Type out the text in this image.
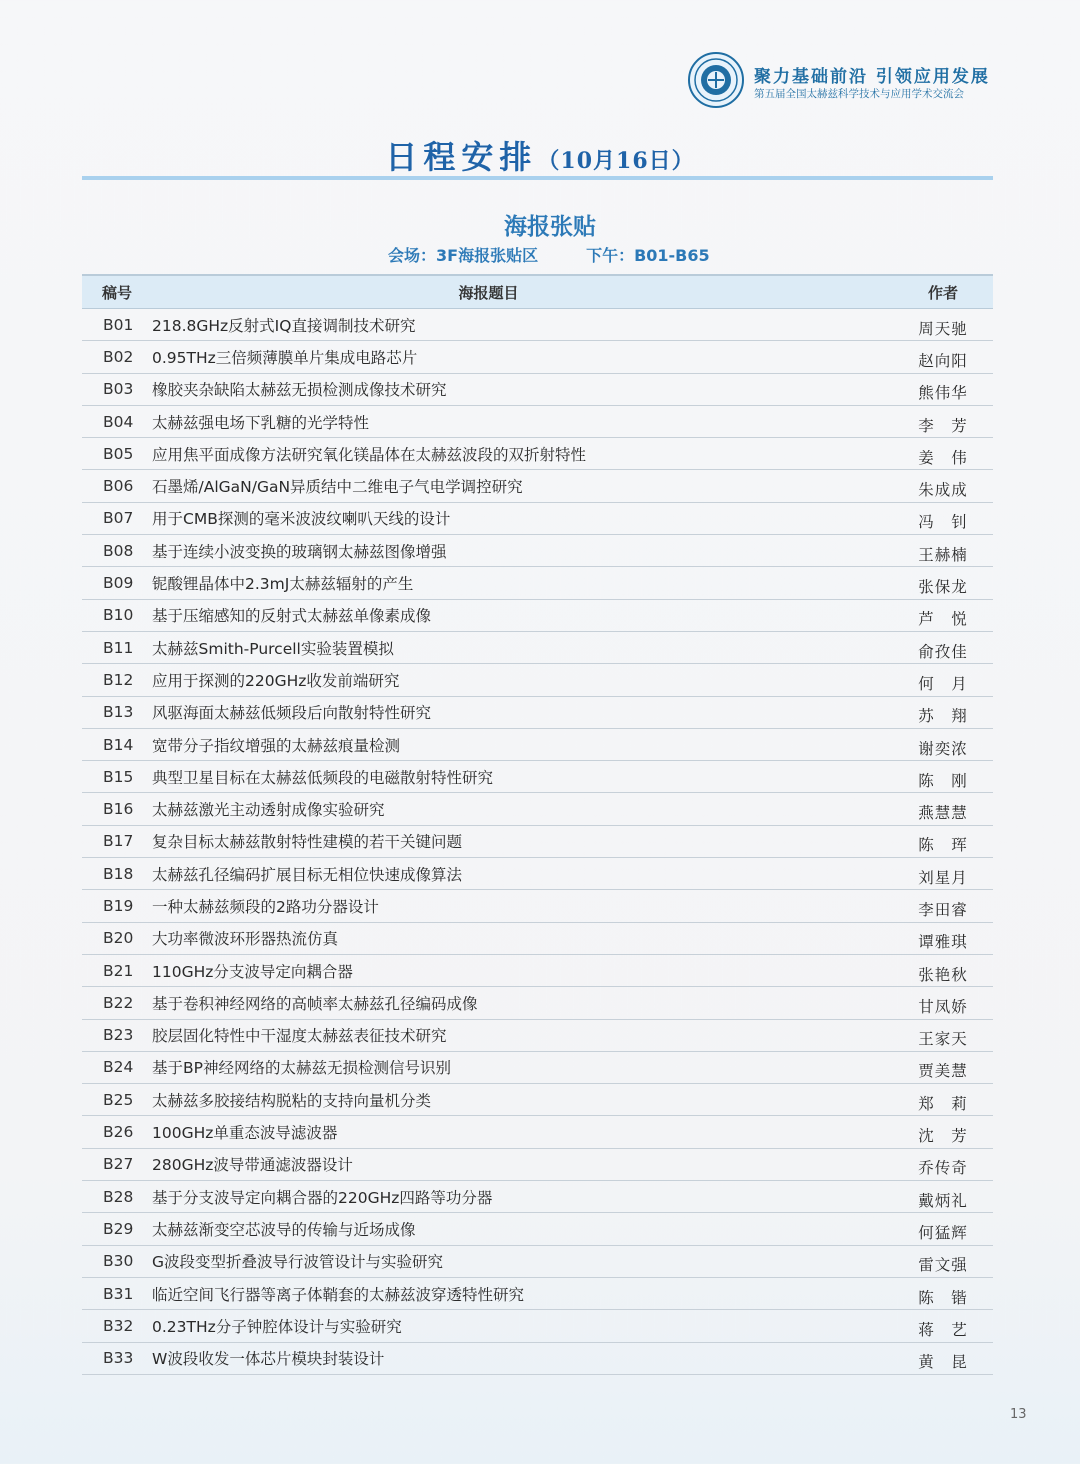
聚力基础前沿 引领应用发展
第五届全国太赫兹科学技术与应用学术交流会
日程安排（10月16日）
海报张贴
会场：3F海报张贴区	下午：B01-B65
稿号	海报题目	作者
B01	218.8GHz反射式IQ直接调制技术研究	周天驰
B02	0.95THz三倍频薄膜单片集成电路芯片	赵向阳
B03	橡胶夹杂缺陷太赫兹无损检测成像技术研究	熊伟华
B04	太赫兹强电场下乳糖的光学特性	李　芳
B05	应用焦平面成像方法研究氧化镁晶体在太赫兹波段的双折射特性	姜　伟
B06	石墨烯/AlGaN/GaN异质结中二维电子气电学调控研究	朱成成
B07	用于CMB探测的毫米波波纹喇叭天线的设计	冯　钊
B08	基于连续小波变换的玻璃钢太赫兹图像增强	王赫楠
B09	铌酸锂晶体中2.3mJ太赫兹辐射的产生	张保龙
B10	基于压缩感知的反射式太赫兹单像素成像	芦　悦
B11	太赫兹Smith-Purcell实验装置模拟	俞孜佳
B12	应用于探测的220GHz收发前端研究	何　月
B13	风驱海面太赫兹低频段后向散射特性研究	苏　翔
B14	宽带分子指纹增强的太赫兹痕量检测	谢奕浓
B15	典型卫星目标在太赫兹低频段的电磁散射特性研究	陈　刚
B16	太赫兹激光主动透射成像实验研究	燕慧慧
B17	复杂目标太赫兹散射特性建模的若干关键问题	陈　珲
B18	太赫兹孔径编码扩展目标无相位快速成像算法	刘星月
B19	一种太赫兹频段的2路功分器设计	李田睿
B20	大功率微波环形器热流仿真	谭雅琪
B21	110GHz分支波导定向耦合器	张艳秋
B22	基于卷积神经网络的高帧率太赫兹孔径编码成像	甘凤娇
B23	胶层固化特性中干湿度太赫兹表征技术研究	王家天
B24	基于BP神经网络的太赫兹无损检测信号识别	贾美慧
B25	太赫兹多胶接结构脱粘的支持向量机分类	郑　莉
B26	100GHz单重态波导滤波器	沈　芳
B27	280GHz波导带通滤波器设计	乔传奇
B28	基于分支波导定向耦合器的220GHz四路等功分器	戴炳礼
B29	太赫兹渐变空芯波导的传输与近场成像	何猛辉
B30	G波段变型折叠波导行波管设计与实验研究	雷文强
B31	临近空间飞行器等离子体鞘套的太赫兹波穿透特性研究	陈　锴
B32	0.23THz分子钟腔体设计与实验研究	蒋　艺
B33	W波段收发一体芯片模块封装设计	黄　昆
13
